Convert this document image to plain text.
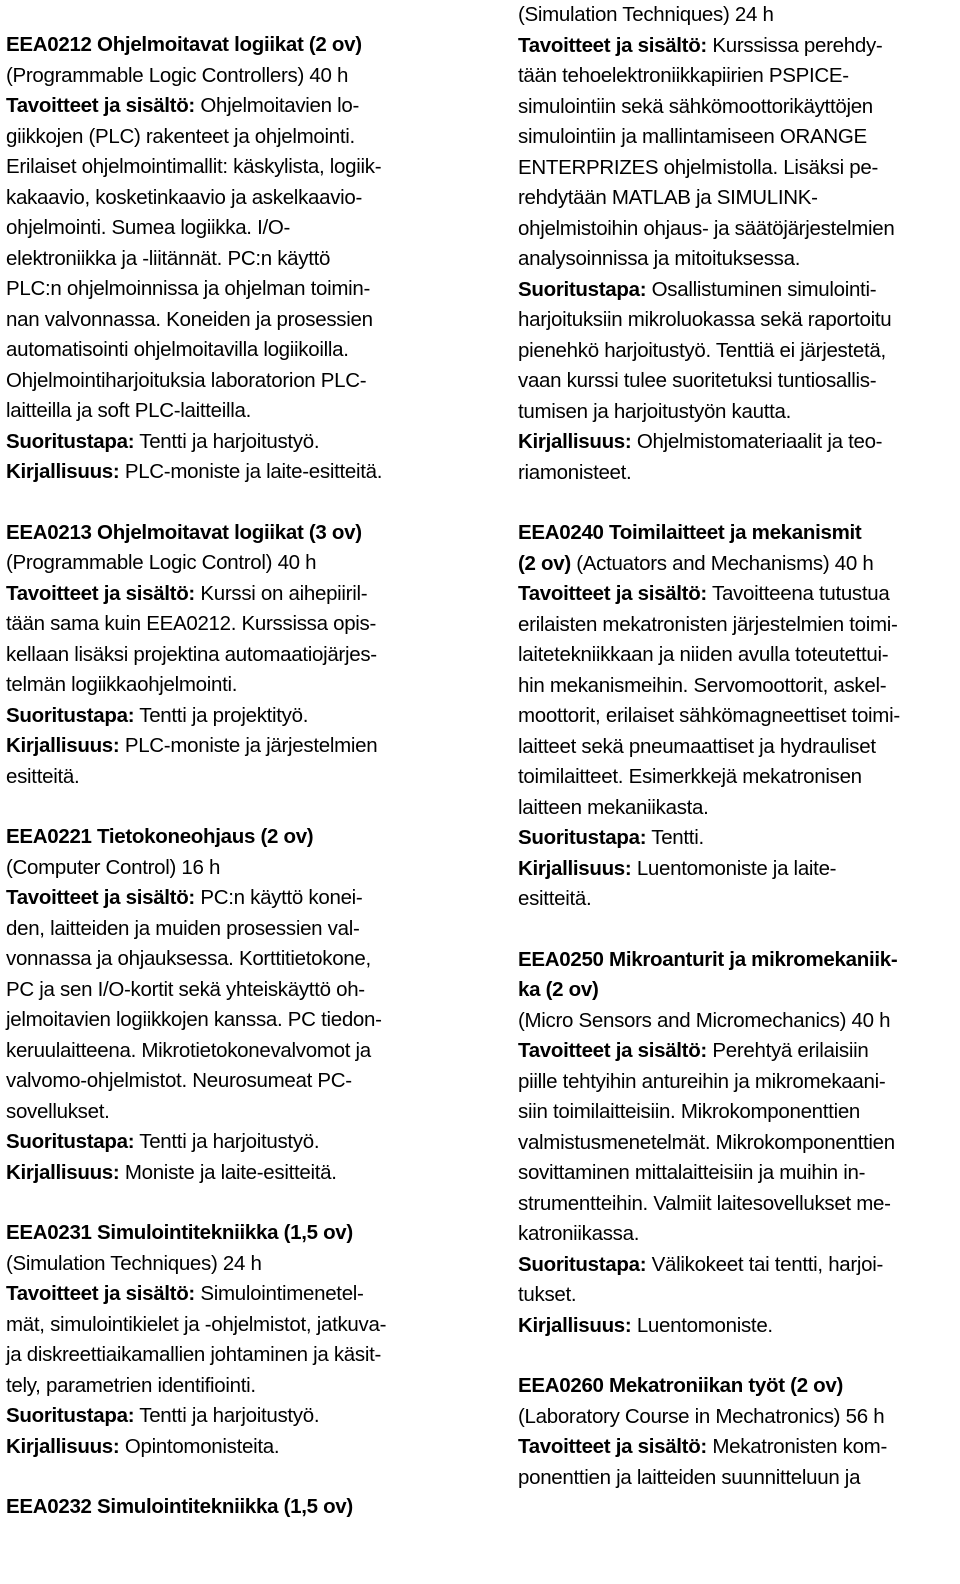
EEA0212 Ohjelmoitavat logiikat (2 ov)
(Programmable Logic Controllers) 40 h
Tavoitteet ja sisältö: Ohjelmoitavien lo-
giikkojen (PLC) rakenteet ja ohjelmointi.
Erilaiset ohjelmointimallit: käskylista, logiik-
kakaavio, kosketinkaavio ja askelkaavio-
ohjelmointi. Sumea logiikka. I/O-
elektroniikka ja -liitännät. PC:n käyttö
PLC:n ohjelmoinnissa ja ohjelman toimin-
nan valvonnassa. Koneiden ja prosessien
automatisointi ohjelmoitavilla logiikoilla.
Ohjelmointiharjoituksia laboratorion PLC-
laitteilla ja soft PLC-laitteilla.
Suoritustapa: Tentti ja harjoitustyö.
Kirjallisuus: PLC-moniste ja laite-esitteitä.
EEA0213 Ohjelmoitavat logiikat (3 ov)
(Programmable Logic Control) 40 h
Tavoitteet ja sisältö: Kurssi on aihepiiril-
tään sama kuin EEA0212. Kurssissa opis-
kellaan lisäksi projektina automaatiojärjes-
telmän logiikkaohjelmointi.
Suoritustapa: Tentti ja projektityö.
Kirjallisuus: PLC-moniste ja järjestelmien
esitteitä.
EEA0221 Tietokoneohjaus (2 ov)
(Computer Control) 16 h
Tavoitteet ja sisältö: PC:n käyttö konei-
den, laitteiden ja muiden prosessien val-
vonnassa ja ohjauksessa. Korttitietokone,
PC ja sen I/O-kortit sekä yhteiskäyttö oh-
jelmoitavien logiikkojen kanssa. PC tiedon-
keruulaitteena. Mikrotietokonevalvomot ja
valvomo-ohjelmistot. Neurosumeat PC-
sovellukset.
Suoritustapa: Tentti ja harjoitustyö.
Kirjallisuus: Moniste ja laite-esitteitä.
EEA0231 Simulointitekniikka (1,5 ov)
(Simulation Techniques) 24 h
Tavoitteet ja sisältö: Simulointimenetel-
mät, simulointikielet ja -ohjelmistot, jatkuva-
ja diskreettiaikamallien johtaminen ja käsit-
tely, parametrien identifiointi.
Suoritustapa: Tentti ja harjoitustyö.
Kirjallisuus: Opintomonisteita.
EEA0232 Simulointitekniikka (1,5 ov)
(Simulation Techniques) 24 h
Tavoitteet ja sisältö: Kurssissa perehdy-
tään tehoelektroniikkapiirien PSPICE-
simulointiin sekä sähkömoottorikäyttöjen
simulointiin ja mallintamiseen ORANGE
ENTERPRIZES ohjelmistolla. Lisäksi pe-
rehdytään MATLAB ja SIMULINK-
ohjelmistoihin ohjaus- ja säätöjärjestelmien
analysoinnissa ja mitoituksessa.
Suoritustapa: Osallistuminen simulointi-
harjoituksiin mikroluokassa sekä raportoitu
pienehkö harjoitustyö. Tenttiä ei järjestetä,
vaan kurssi tulee suoritetuksi tuntiosallis-
tumisen ja harjoitustyön kautta.
Kirjallisuus: Ohjelmistomateriaalit ja teo-
riamonisteet.
EEA0240 Toimilaitteet ja mekanismit
(2 ov) (Actuators and Mechanisms) 40 h
Tavoitteet ja sisältö: Tavoitteena tutustua
erilaisten mekatronisten järjestelmien toimi-
laitetekniikkaan ja niiden avulla toteutettui-
hin mekanismeihin. Servomoottorit, askel-
moottorit, erilaiset sähkömagneettiset toimi-
laitteet sekä pneumaattiset ja hydrauliset
toimilaitteet. Esimerkkejä mekatronisen
laitteen mekaniikasta.
Suoritustapa: Tentti.
Kirjallisuus: Luentomoniste ja laite-
esitteitä.
EEA0250 Mikroanturit ja mikromekaniik-
ka (2 ov)
(Micro Sensors and Micromechanics) 40 h
Tavoitteet ja sisältö: Perehtyä erilaisiin
piille tehtyihin antureihin ja mikromekaani-
siin toimilaitteisiin. Mikrokomponenttien
valmistusmenetelmät. Mikrokomponenttien
sovittaminen mittalaitteisiin ja muihin in-
strumentteihin. Valmiit laitesovellukset me-
katroniikassa.
Suoritustapa: Välikokeet tai tentti, harjoi-
tukset.
Kirjallisuus: Luentomoniste.
EEA0260 Mekatroniikan työt (2 ov)
(Laboratory Course in Mechatronics) 56 h
Tavoitteet ja sisältö: Mekatronisten kom-
ponenttien ja laitteiden suunnitteluun ja
